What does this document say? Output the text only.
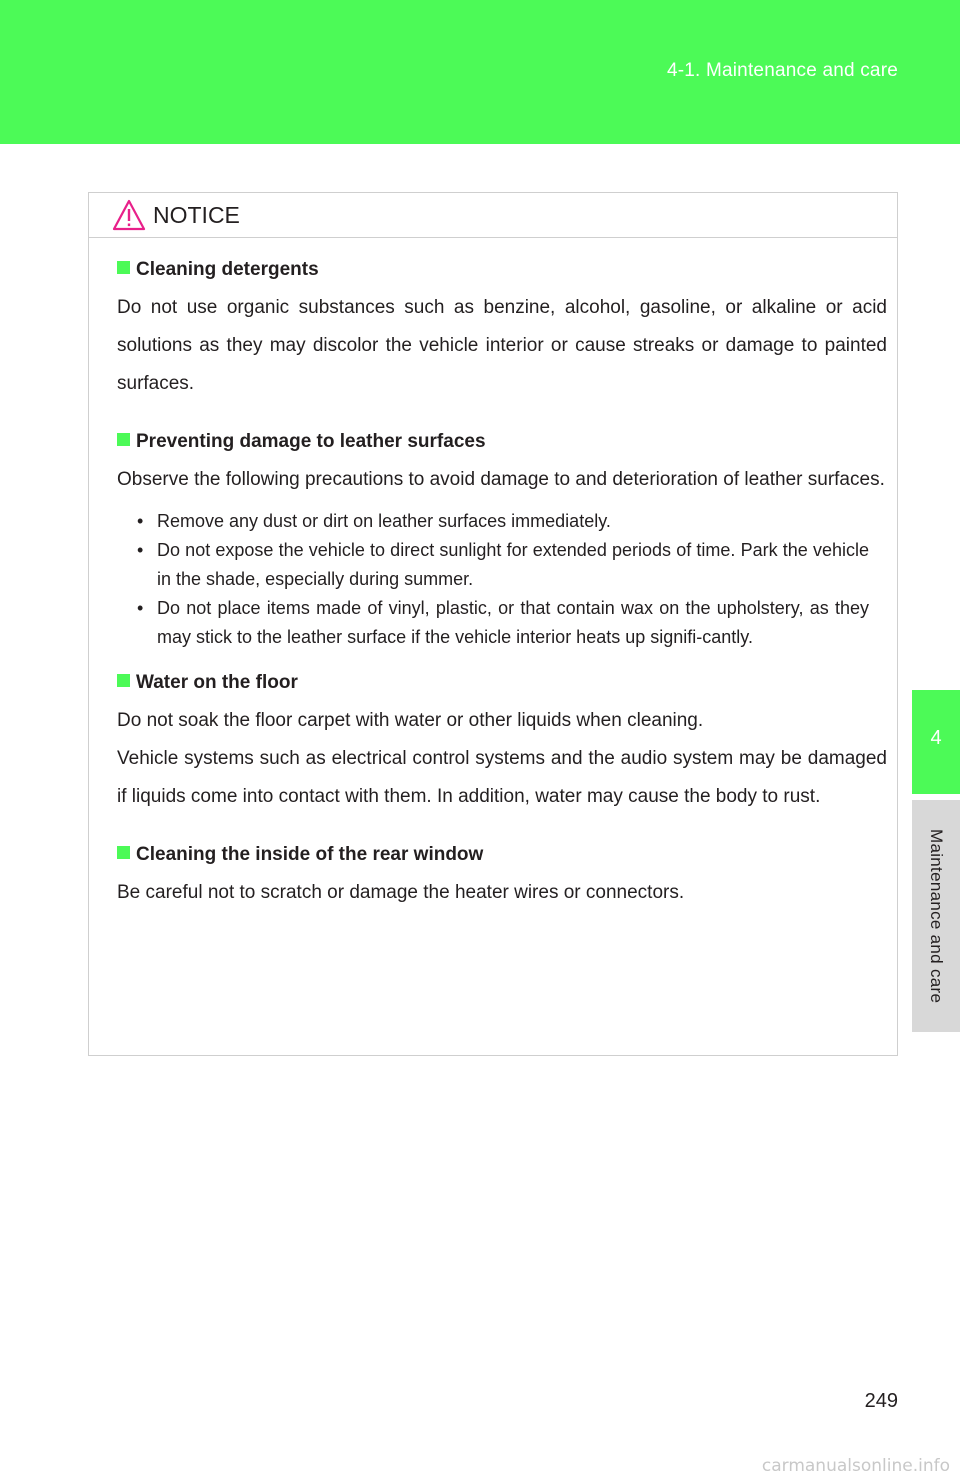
4-1. Maintenance and care
4
Maintenance and care
NOTICE
Cleaning detergents
Do not use organic substances such as benzine, alcohol, gasoline, or alkaline or acid solutions as they may discolor the vehicle interior or cause streaks or damage to painted surfaces.
Preventing damage to leather surfaces
Observe the following precautions to avoid damage to and deterioration of leather surfaces.
• Remove any dust or dirt on leather surfaces immediately.
• Do not expose the vehicle to direct sunlight for extended periods of time. Park the vehicle in the shade, especially during summer.
• Do not place items made of vinyl, plastic, or that contain wax on the upholstery, as they may stick to the leather surface if the vehicle interior heats up signifi-cantly.
Water on the floor
Do not soak the floor carpet with water or other liquids when cleaning.
Vehicle systems such as electrical control systems and the audio system may be damaged if liquids come into contact with them. In addition, water may cause the body to rust.
Cleaning the inside of the rear window
Be careful not to scratch or damage the heater wires or connectors.
249
carmanualsonline.info
